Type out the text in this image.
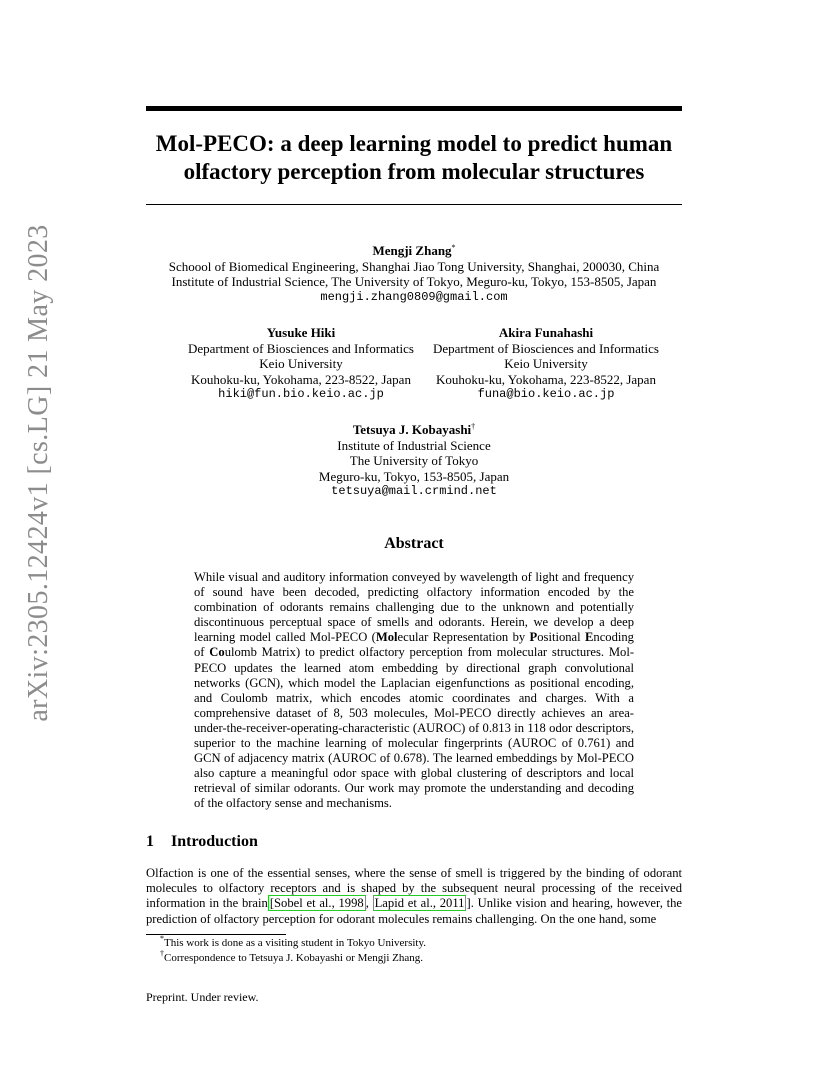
arXiv:2305.12424v1 [cs.LG] 21 May 2023
Mol-PECO: a deep learning model to predict human olfactory perception from molecular structures
Mengji Zhang*
Schoool of Biomedical Engineering, Shanghai Jiao Tong University, Shanghai, 200030, China
Institute of Industrial Science, The University of Tokyo, Meguro-ku, Tokyo, 153-8505, Japan
mengji.zhang0809@gmail.com
Yusuke Hiki
Department of Biosciences and Informatics
Keio University
Kouhoku-ku, Yokohama, 223-8522, Japan
hiki@fun.bio.keio.ac.jp
Akira Funahashi
Department of Biosciences and Informatics
Keio University
Kouhoku-ku, Yokohama, 223-8522, Japan
funa@bio.keio.ac.jp
Tetsuya J. Kobayashi†
Institute of Industrial Science
The University of Tokyo
Meguro-ku, Tokyo, 153-8505, Japan
tetsuya@mail.crmind.net
Abstract
While visual and auditory information conveyed by wavelength of light and frequency of sound have been decoded, predicting olfactory information encoded by the combination of odorants remains challenging due to the unknown and potentially discontinuous perceptual space of smells and odorants. Herein, we develop a deep learning model called Mol-PECO (Molecular Representation by Positional Encoding of Coulomb Matrix) to predict olfactory perception from molecular structures. Mol-PECO updates the learned atom embedding by directional graph convolutional networks (GCN), which model the Laplacian eigenfunctions as positional encoding, and Coulomb matrix, which encodes atomic coordinates and charges. With a comprehensive dataset of 8, 503 molecules, Mol-PECO directly achieves an area-under-the-receiver-operating-characteristic (AUROC) of 0.813 in 118 odor descriptors, superior to the machine learning of molecular fingerprints (AUROC of 0.761) and GCN of adjacency matrix (AUROC of 0.678). The learned embeddings by Mol-PECO also capture a meaningful odor space with global clustering of descriptors and local retrieval of similar odorants. Our work may promote the understanding and decoding of the olfactory sense and mechanisms.
1 Introduction
Olfaction is one of the essential senses, where the sense of smell is triggered by the binding of odorant molecules to olfactory receptors and is shaped by the subsequent neural processing of the received information in the brain [Sobel et al., 1998 , Lapid et al., 2011 ]. Unlike vision and hearing, however, the prediction of olfactory perception for odorant molecules remains challenging. On the one hand, some
*This work is done as a visiting student in Tokyo University.
†Correspondence to Tetsuya J. Kobayashi or Mengji Zhang.
Preprint. Under review.
